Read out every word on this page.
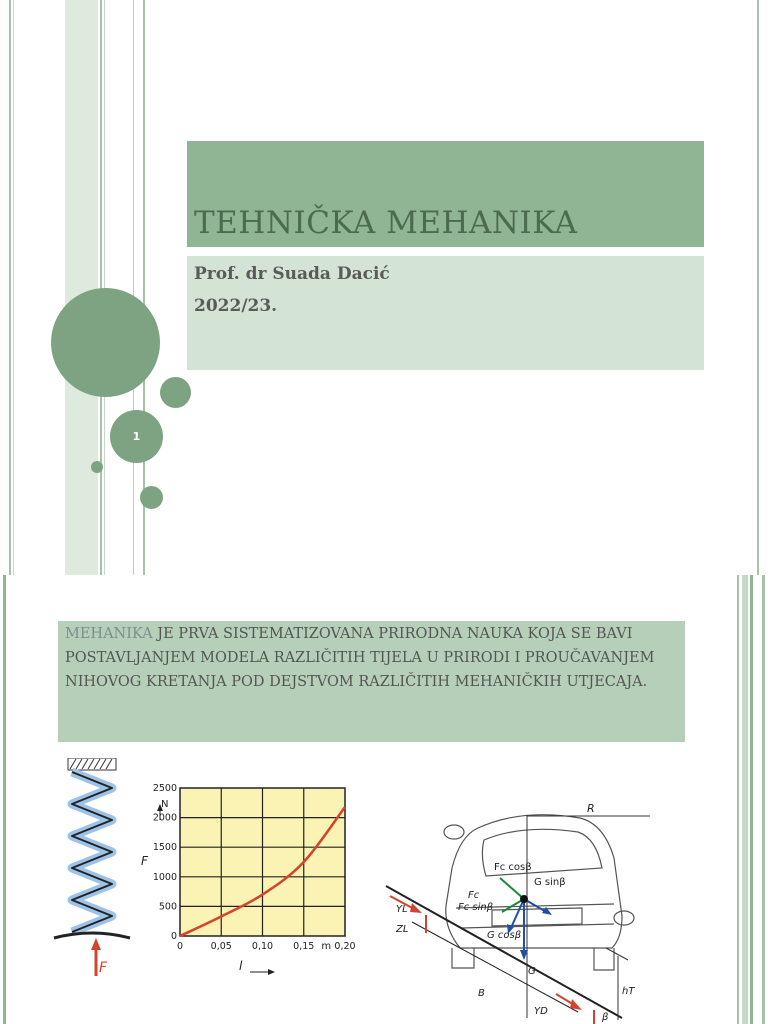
TEHNIČKA MEHANIKA
Prof. dr Suada Dacić
2022/23.
1
MEHANIKA JE PRVA SISTEMATIZOVANA PRIRODNA NAUKA KOJA SE BAVI POSTAVLJANJEM MODELA RAZLIČITIH TIJELA U PRIRODI I PROUČAVANJEM NIHOVOG KRETANJA POD DEJSTVOM RAZLIČITIH MEHANIČKIH UTJECAJA.
F
0	0,05 0,10 0,15 0,20
0
500
1000
1500
2000
2500
F
N
l
m
R
Fc cosβ
G sinβ
Fc
Fc sinβ
G cosβ
G
YL
ZL
B
YD
hT
β
